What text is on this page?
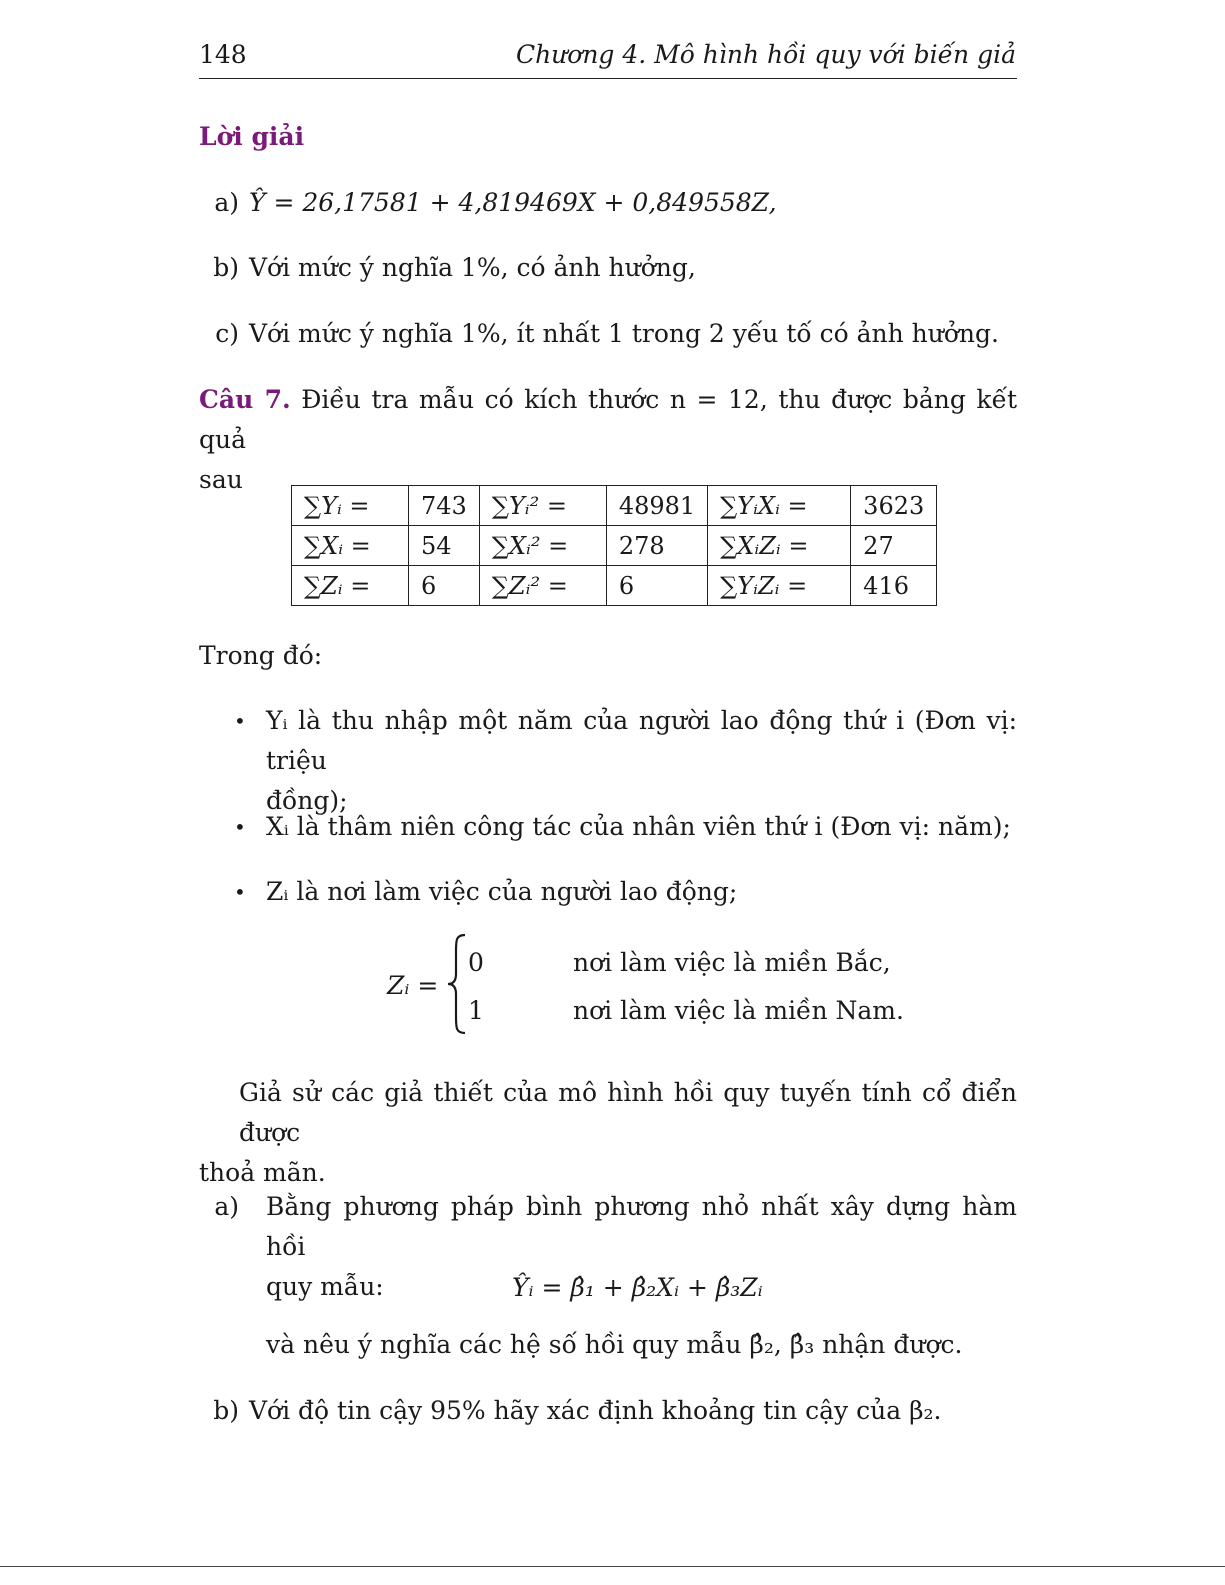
148	Chương 4. Mô hình hồi quy với biến giả
Lời giải
a) Ŷ = 26,17581 + 4,819469X + 0,849558Z,
b) Với mức ý nghĩa 1%, có ảnh hưởng,
c) Với mức ý nghĩa 1%, ít nhất 1 trong 2 yếu tố có ảnh hưởng.
Câu 7. Điều tra mẫu có kích thước n = 12, thu được bảng kết quả
sau
∑Yᵢ =	743	∑Yᵢ² =	48981	∑YᵢXᵢ =	3623
∑Xᵢ =	54	∑Xᵢ² =	278	∑XᵢZᵢ =	27
∑Zᵢ =	6	∑Zᵢ² =	6	∑YᵢZᵢ =	416
Trong đó:
• Yᵢ là thu nhập một năm của người lao động thứ i (Đơn vị: triệu
đồng);
• Xᵢ là thâm niên công tác của nhân viên thứ i (Đơn vị: năm);
• Zᵢ là nơi làm việc của người lao động;
Zᵢ =
0	nơi làm việc là miền Bắc,
1	nơi làm việc là miền Nam.
Giả sử các giả thiết của mô hình hồi quy tuyến tính cổ điển được
thoả mãn.
a)	Bằng phương pháp bình phương nhỏ nhất xây dựng hàm hồi
quy mẫu:	Ŷᵢ = β̂₁ + β̂₂Xᵢ + β̂₃Zᵢ
và nêu ý nghĩa các hệ số hồi quy mẫu β̂₂, β̂₃ nhận được.
b) Với độ tin cậy 95% hãy xác định khoảng tin cậy của β₂.
